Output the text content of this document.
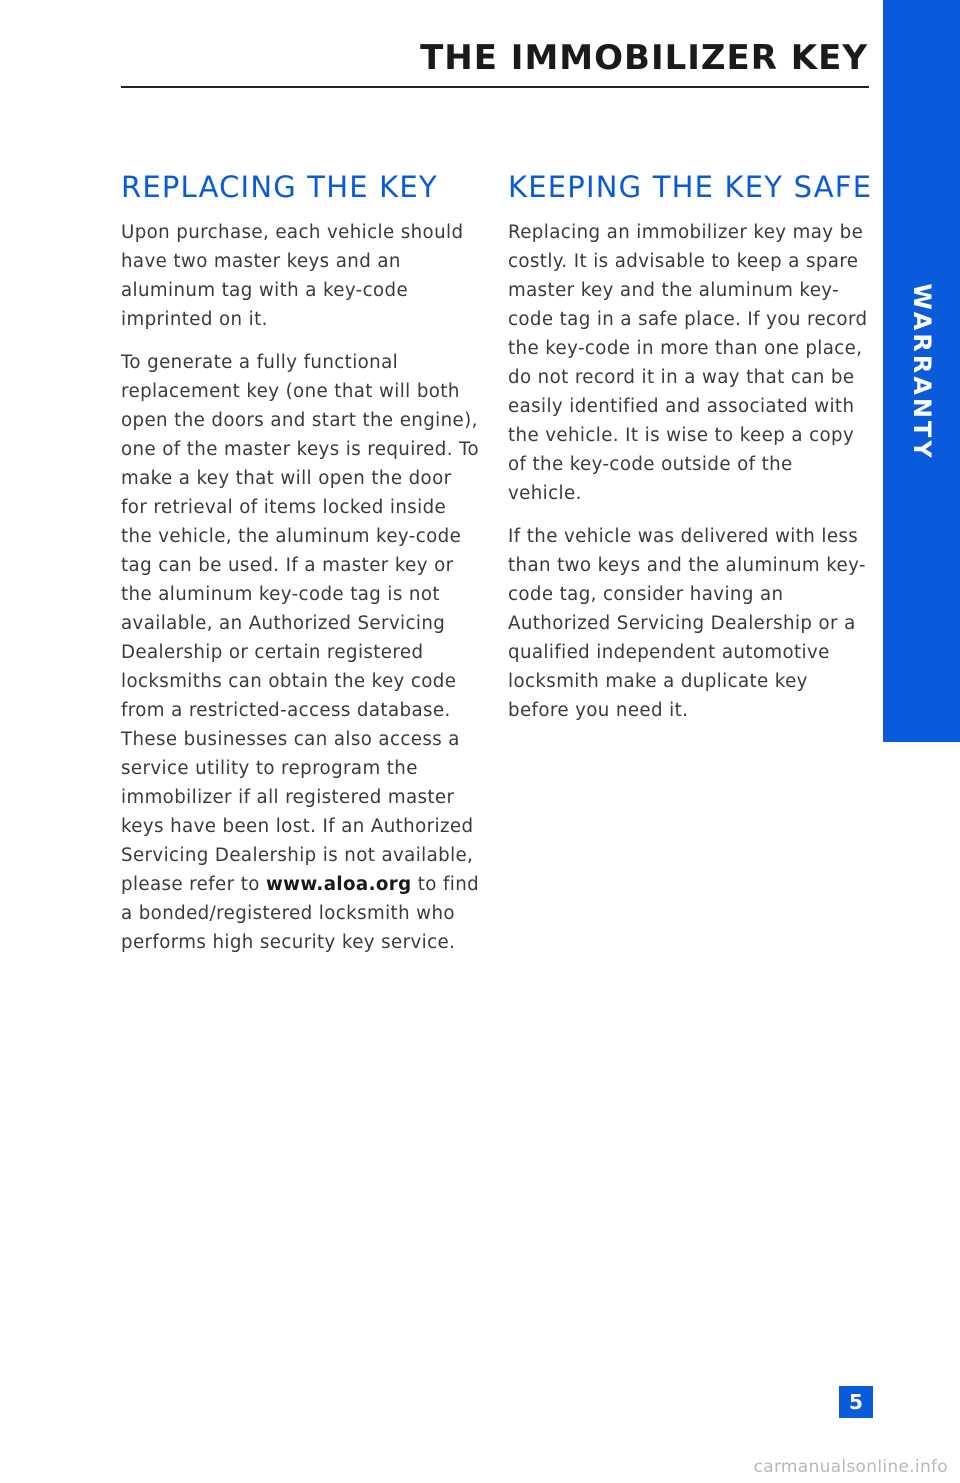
THE IMMOBILIZER KEY
WARRANTY
REPLACING THE KEY

Upon purchase, each vehicle should have two master keys and an aluminum tag with a key-code imprinted on it.

To generate a fully functional replacement key (one that will both open the doors and start the engine), one of the master keys is required. To make a key that will open the door for retrieval of items locked inside the vehicle, the aluminum key-code tag can be used. If a master key or the aluminum key-code tag is not available, an Authorized Servicing Dealership or certain registered locksmiths can obtain the key code from a restricted-access database. These businesses can also access a service utility to reprogram the immobilizer if all registered master keys have been lost. If an Authorized Servicing Dealership is not available, please refer to www.aloa.org to find a bonded/registered locksmith who performs high security key service.

KEEPING THE KEY SAFE

Replacing an immobilizer key may be costly. It is advisable to keep a spare master key and the aluminum key-code tag in a safe place. If you record the key-code in more than one place, do not record it in a way that can be easily identified and associated with the vehicle. It is wise to keep a copy of the key-code outside of the vehicle.

If the vehicle was delivered with less than two keys and the aluminum key-code tag, consider having an Authorized Servicing Dealership or a qualified independent automotive locksmith make a duplicate key before you need it.

5
carmanualsonline.info
